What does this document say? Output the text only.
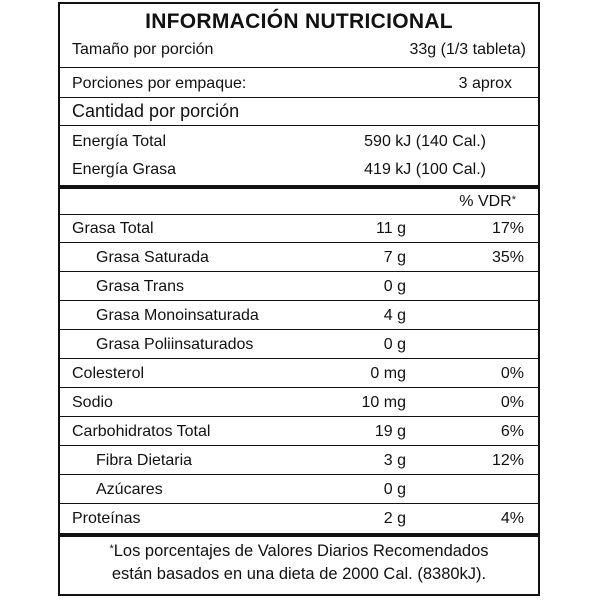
INFORMACIÓN NUTRICIONAL
Tamaño por porción	33g (1/3 tableta)
Porciones por empaque:	3 aprox
Cantidad por porción
Energía Total	590 kJ (140 Cal.)
Energía Grasa	419 kJ (100 Cal.)
% VDR*
Grasa Total	11 g	17%
Grasa Saturada	7 g	35%
Grasa Trans	0 g
Grasa Monoinsaturada	4 g
Grasa Poliinsaturados	0 g
Colesterol	0 mg	0%
Sodio	10 mg	0%
Carbohidratos Total	19 g	6%
Fibra Dietaria	3 g	12%
Azúcares	0 g
Proteínas	2 g	4%
*Los porcentajes de Valores Diarios Recomendados
están basados en una dieta de 2000 Cal. (8380kJ).
